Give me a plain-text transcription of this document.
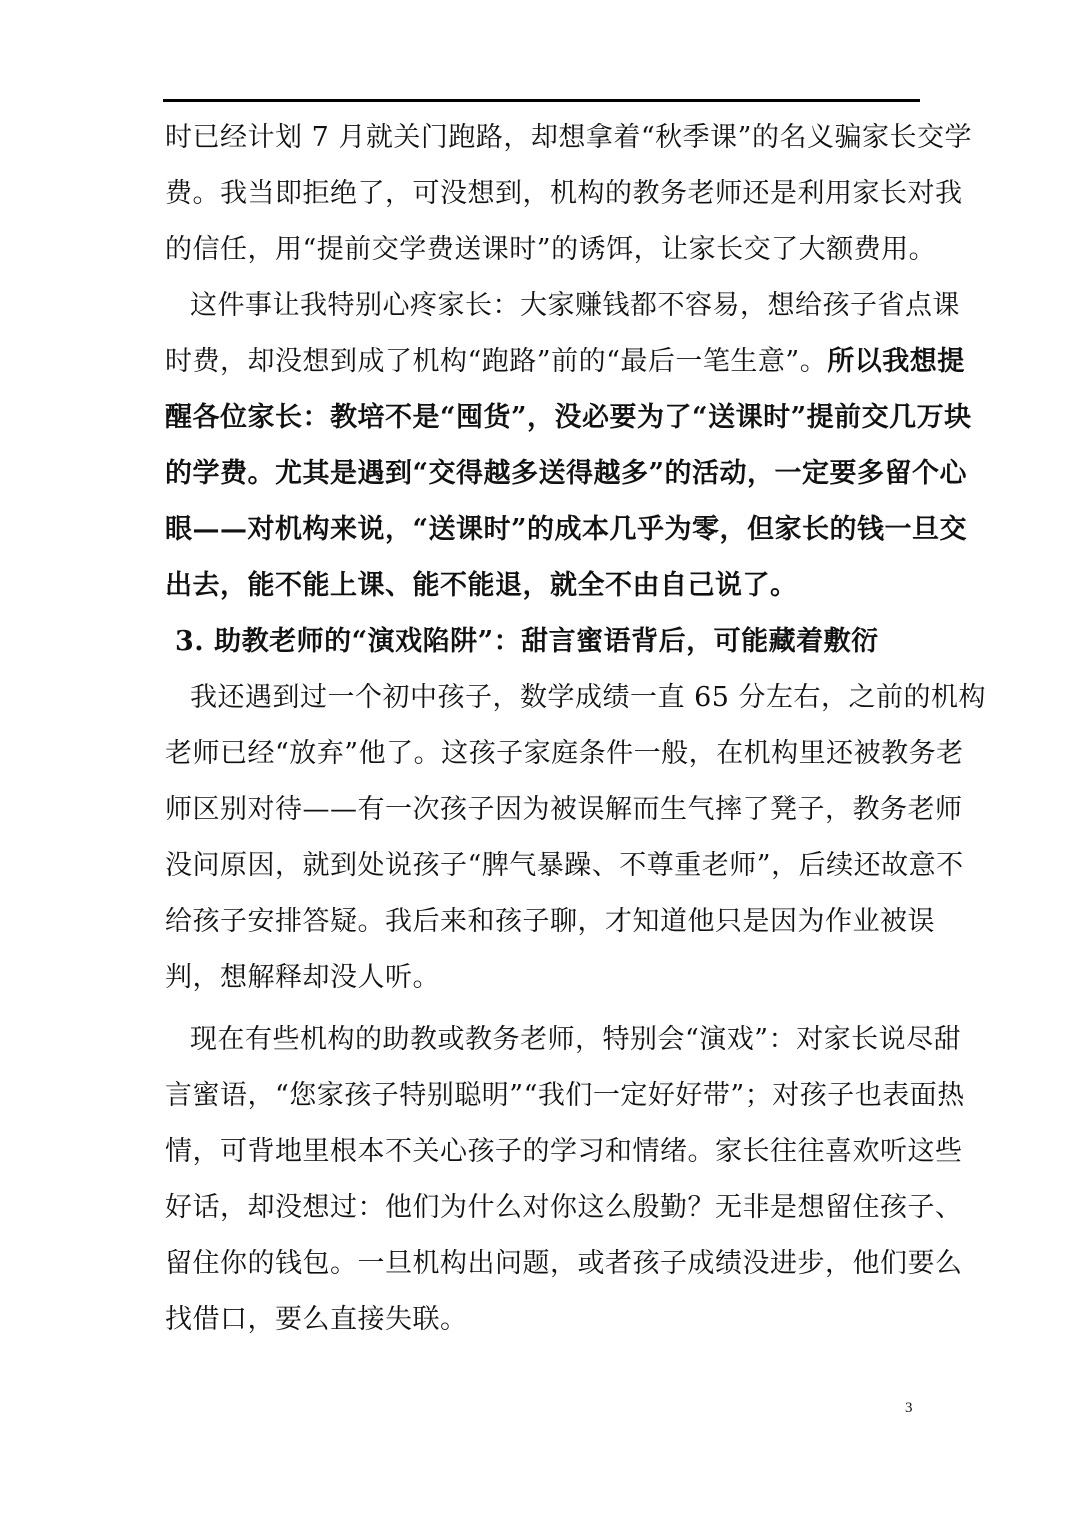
时已经计划 7 月就关门跑路，却想拿着“秋季课”的名义骗家长交学
费。我当即拒绝了，可没想到，机构的教务老师还是利用家长对我
的信任，用“提前交学费送课时”的诱饵，让家长交了大额费用。
这件事让我特别心疼家长：大家赚钱都不容易，想给孩子省点课
时费，却没想到成了机构“跑路”前的“最后一笔生意”。所以我想提
醒各位家长：教培不是“囤货”，没必要为了“送课时”提前交几万块
的学费。尤其是遇到“交得越多送得越多”的活动，一定要多留个心
眼——对机构来说，“送课时”的成本几乎为零，但家长的钱一旦交
出去，能不能上课、能不能退，就全不由自己说了。
3. 助教老师的“演戏陷阱”：甜言蜜语背后，可能藏着敷衍
我还遇到过一个初中孩子，数学成绩一直 65 分左右，之前的机构
老师已经“放弃”他了。这孩子家庭条件一般，在机构里还被教务老
师区别对待——有一次孩子因为被误解而生气摔了凳子，教务老师
没问原因，就到处说孩子“脾气暴躁、不尊重老师”，后续还故意不
给孩子安排答疑。我后来和孩子聊，才知道他只是因为作业被误
判，想解释却没人听。
现在有些机构的助教或教务老师，特别会“演戏”：对家长说尽甜
言蜜语，“您家孩子特别聪明”“我们一定好好带”；对孩子也表面热
情，可背地里根本不关心孩子的学习和情绪。家长往往喜欢听这些
好话，却没想过：他们为什么对你这么殷勤？无非是想留住孩子、
留住你的钱包。一旦机构出问题，或者孩子成绩没进步，他们要么
找借口，要么直接失联。
3
